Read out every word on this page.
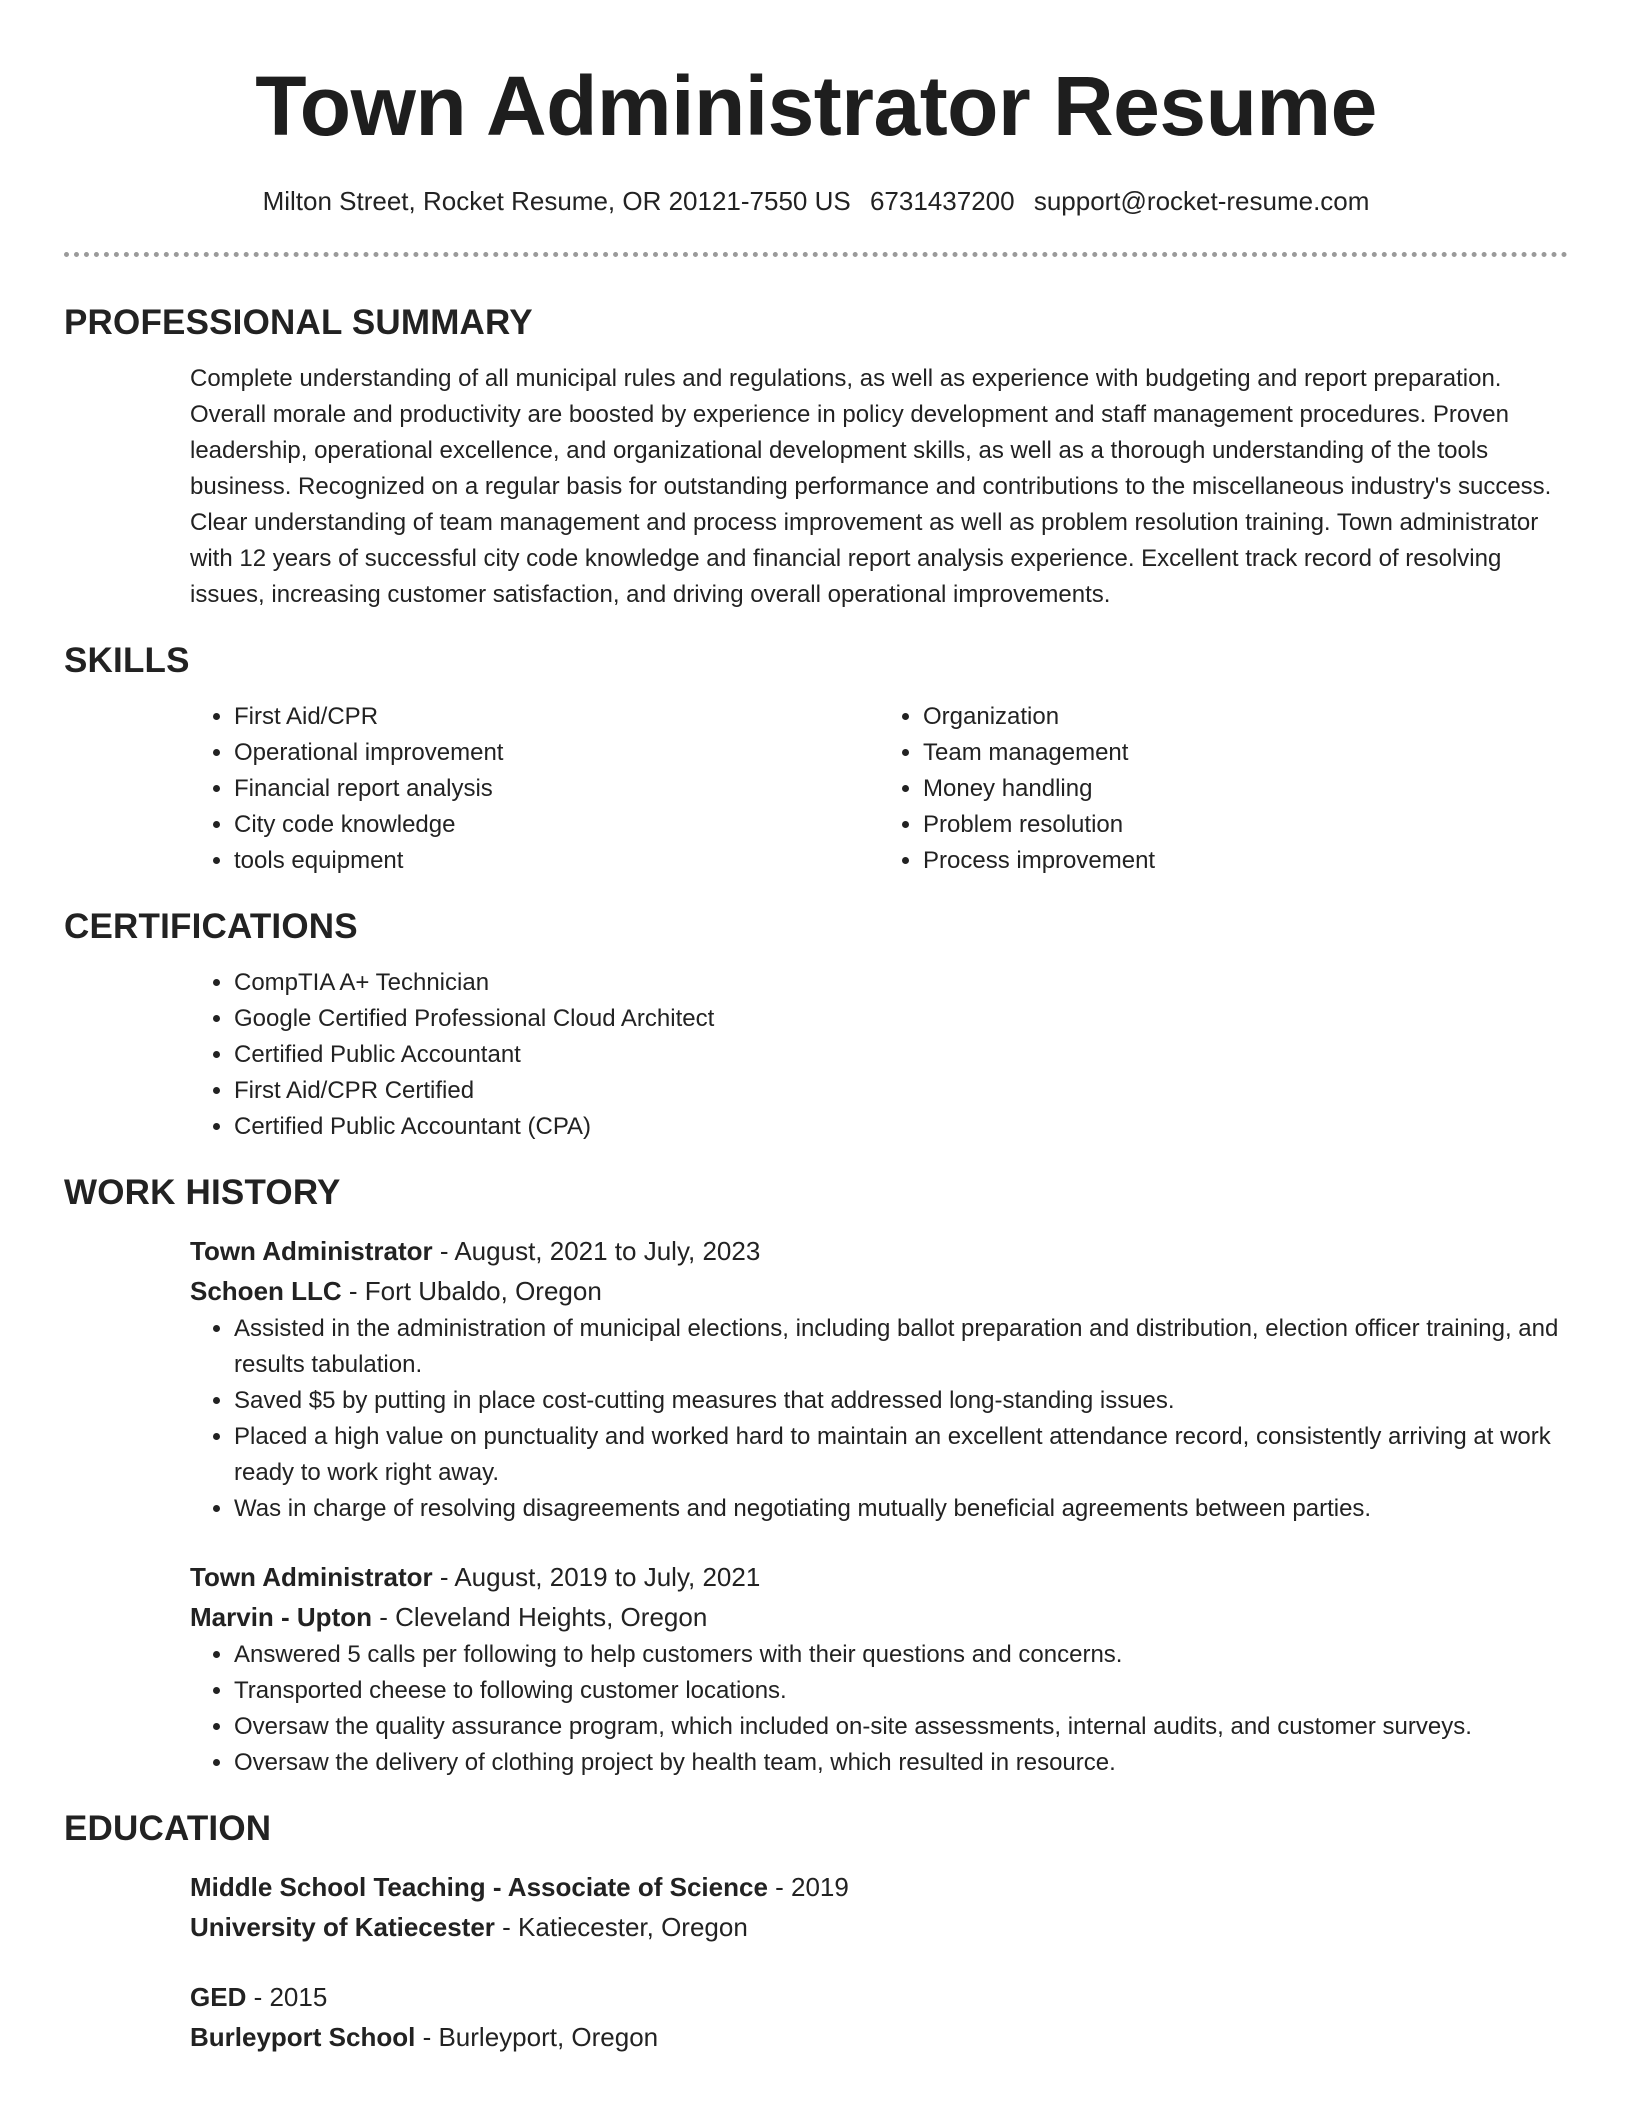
Town Administrator Resume
Milton Street, Rocket Resume, OR 20121-7550 US 6731437200 support@rocket-resume.com
PROFESSIONAL SUMMARY

Complete understanding of all municipal rules and regulations, as well as experience with budgeting and report preparation. Overall morale and productivity are boosted by experience in policy development and staff management procedures. Proven leadership, operational excellence, and organizational development skills, as well as a thorough understanding of the tools business. Recognized on a regular basis for outstanding performance and contributions to the miscellaneous industry's success. Clear understanding of team management and process improvement as well as problem resolution training. Town administrator with 12 years of successful city code knowledge and financial report analysis experience. Excellent track record of resolving issues, increasing customer satisfaction, and driving overall operational improvements.

SKILLS
• First Aid/CPR
• Operational improvement
• Financial report analysis
• City code knowledge
• tools equipment
• Organization
• Team management
• Money handling
• Problem resolution
• Process improvement
CERTIFICATIONS
• CompTIA A+ Technician
• Google Certified Professional Cloud Architect
• Certified Public Accountant
• First Aid/CPR Certified
• Certified Public Accountant (CPA)
WORK HISTORY

Town Administrator - August, 2021 to July, 2023

Schoen LLC - Fort Ubaldo, Oregon

• Assisted in the administration of municipal elections, including ballot preparation and distribution, election officer training, and results tabulation.
• Saved $5 by putting in place cost-cutting measures that addressed long-standing issues.
• Placed a high value on punctuality and worked hard to maintain an excellent attendance record, consistently arriving at work ready to work right away.
• Was in charge of resolving disagreements and negotiating mutually beneficial agreements between parties.

Town Administrator - August, 2019 to July, 2021

Marvin - Upton - Cleveland Heights, Oregon

• Answered 5 calls per following to help customers with their questions and concerns.
• Transported cheese to following customer locations.
• Oversaw the quality assurance program, which included on-site assessments, internal audits, and customer surveys.
• Oversaw the delivery of clothing project by health team, which resulted in resource.
EDUCATION

Middle School Teaching - Associate of Science - 2019

University of Katiecester - Katiecester, Oregon

GED - 2015

Burleyport School - Burleyport, Oregon
